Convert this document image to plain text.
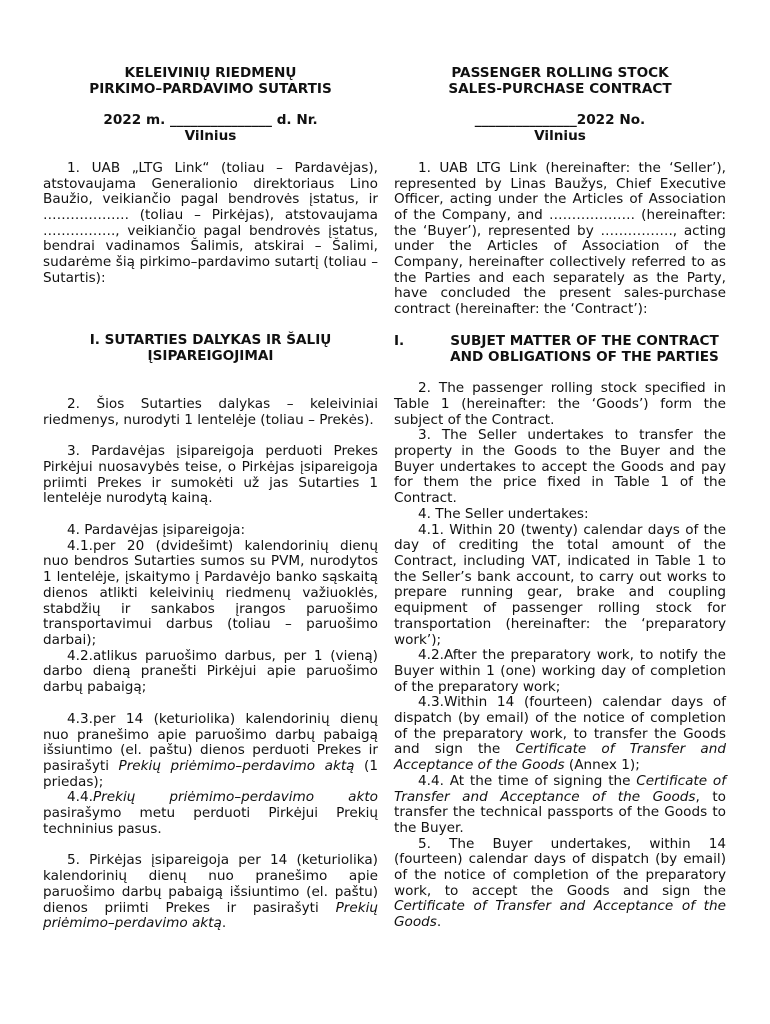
KELEIVINIŲ RIEDMENŲ
PIRKIMO–PARDAVIMO SUTARTIS
2022 m. _______________ d. Nr.
Vilnius

1. UAB „LTG Link“ (toliau – Pardavėjas), atstovaujama Generalionio direktoriaus Lino Baužio, veikiančio pagal bendrovės įstatus, ir ………………. (toliau – Pirkėjas), atstovaujama ……………., veikiančio pagal bendrovės įstatus, bendrai vadinamos Šalimis, atskirai – Šalimi, sudarėme šią pirkimo–pardavimo sutartį (toliau – Sutartis):

I. SUTARTIES DALYKAS IR ŠALIŲ ĮSIPAREIGOJIMAI

2. Šios Sutarties dalykas – keleiviniai riedmenys, nurodyti 1 lentelėje (toliau – Prekės).

3. Pardavėjas įsipareigoja perduoti Prekes Pirkėjui nuosavybės teise, o Pirkėjas įsipareigoja priimti Prekes ir sumokėti už jas Sutarties 1 lentelėje nurodytą kainą.

4. Pardavėjas įsipareigoja:

4.1.per 20 (dvidešimt) kalendorinių dienų nuo bendros Sutarties sumos su PVM, nurodytos 1 lentelėje, įskaitymo į Pardavėjo banko sąskaitą dienos atlikti keleivinių riedmenų važiuoklės, stabdžių ir sankabos įrangos paruošimo transportavimui darbus (toliau – paruošimo darbai);

4.2.atlikus paruošimo darbus, per 1 (vieną) darbo dieną pranešti Pirkėjui apie paruošimo darbų pabaigą;

4.3.per 14 (keturiolika) kalendorinių dienų nuo pranešimo apie paruošimo darbų pabaigą išsiuntimo (el. paštu) dienos perduoti Prekes ir pasirašyti Prekių priėmimo–perdavimo aktą (1 priedas);

4.4.Prekių priėmimo–perdavimo akto pasirašymo metu perduoti Pirkėjui Prekių techninius pasus.

5. Pirkėjas įsipareigoja per 14 (keturiolika) kalendorinių dienų nuo pranešimo apie paruošimo darbų pabaigą išsiuntimo (el. paštu) dienos priimti Prekes ir pasirašyti Prekių priėmimo–perdavimo aktą.

PASSENGER ROLLING STOCK
SALES-PURCHASE CONTRACT
_______________2022 No.
Vilnius

1. UAB LTG Link (hereinafter: the ‘Seller’), represented by Linas Baužys, Chief Executive Officer, acting under the Articles of Association of the Company, and ………………. (hereinafter: the ‘Buyer’), represented by ……………., acting under the Articles of Association of the Company, hereinafter collectively referred to as the Parties and each separately as the Party, have concluded the present sales-purchase contract (hereinafter: the ‘Contract’):

I.	SUBJET MATTER OF THE CONTRACT AND OBLIGATIONS OF THE PARTIES

2. The passenger rolling stock specified in Table 1 (hereinafter: the ‘Goods’) form the subject of the Contract.

3. The Seller undertakes to transfer the property in the Goods to the Buyer and the Buyer undertakes to accept the Goods and pay for them the price fixed in Table 1 of the Contract.

4. The Seller undertakes:

4.1. Within 20 (twenty) calendar days of the day of crediting the total amount of the Contract, including VAT, indicated in Table 1 to the Seller’s bank account, to carry out works to prepare running gear, brake and coupling equipment of passenger rolling stock for transportation (hereinafter: the ‘preparatory work’);

4.2.After the preparatory work, to notify the Buyer within 1 (one) working day of completion of the preparatory work;

4.3.Within 14 (fourteen) calendar days of dispatch (by email) of the notice of completion of the preparatory work, to transfer the Goods and sign the Certificate of Transfer and Acceptance of the Goods (Annex 1);

4.4. At the time of signing the Certificate of Transfer and Acceptance of the Goods, to transfer the technical passports of the Goods to the Buyer.

5. The Buyer undertakes, within 14 (fourteen) calendar days of dispatch (by email) of the notice of completion of the preparatory work, to accept the Goods and sign the Certificate of Transfer and Acceptance of the Goods.
